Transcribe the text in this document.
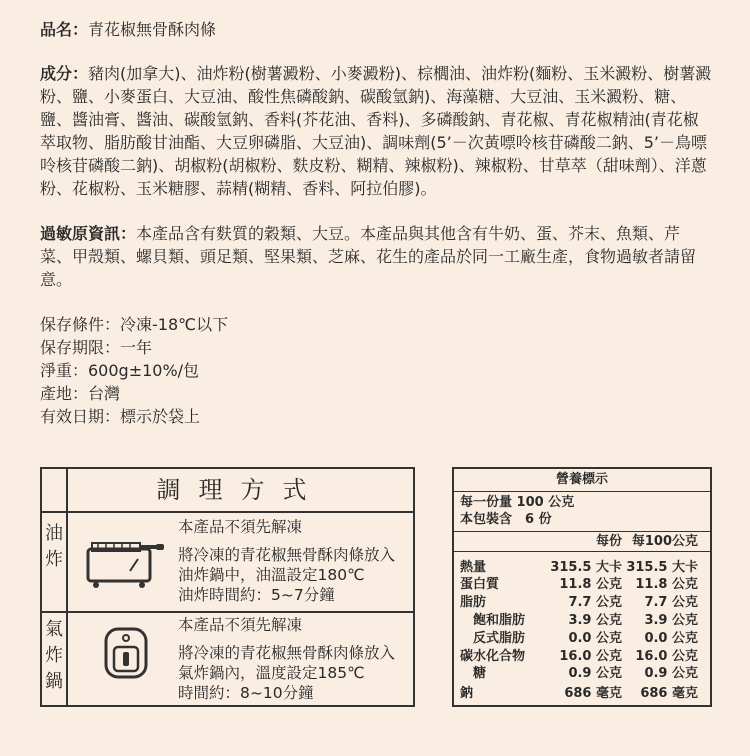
品名：青花椒無骨酥肉條
成分：豬肉(加拿大)、油炸粉(樹薯澱粉、小麥澱粉)、棕櫚油、油炸粉(麵粉、玉米澱粉、樹薯澱粉、鹽、小麥蛋白、大豆油、酸性焦磷酸鈉、碳酸氫鈉)、海藻糖、大豆油、玉米澱粉、糖、鹽、醬油膏、醬油、碳酸氫鈉、香料(芥花油、香料)、多磷酸鈉、青花椒、青花椒精油(青花椒萃取物、脂肪酸甘油酯、大豆卵磷脂、大豆油)、調味劑(5’－次黃嘌呤核苷磷酸二鈉、5’－鳥嘌呤核苷磷酸二鈉)、胡椒粉(胡椒粉、麩皮粉、糊精、辣椒粉)、辣椒粉、甘草萃（甜味劑）、洋蔥粉、花椒粉、玉米糖膠、蒜精(糊精、香料、阿拉伯膠)。
過敏原資訊：本產品含有麩質的穀類、大豆。本產品與其他含有牛奶、蛋、芥末、魚類、芹菜、甲殼類、螺貝類、頭足類、堅果類、芝麻、花生的產品於同一工廠生產，食物過敏者請留意。
保存條件：冷凍-18℃以下
保存期限：一年
淨重：600g±10%/包
產地：台灣
有效日期：標示於袋上
調理方式
油炸
本產品不須先解凍
將冷凍的青花椒無骨酥肉條放入
油炸鍋中，油溫設定180℃
油炸時間約：5~7分鐘
氣炸鍋
本產品不須先解凍
將冷凍的青花椒無骨酥肉條放入
氣炸鍋內，溫度設定185℃
時間約：8~10分鐘
營養標示
每一份量 100 公克
本包裝含　6 份
每份 每100公克
熱量	315.5 大卡 315.5 大卡
蛋白質	11.8 公克 11.8 公克
脂肪	7.7 公克 7.7 公克
　飽和脂肪	3.9 公克 3.9 公克
　反式脂肪	0.0 公克 0.0 公克
碳水化合物	16.0 公克 16.0 公克
　糖	0.9 公克 0.9 公克
鈉	686 毫克 686 毫克
